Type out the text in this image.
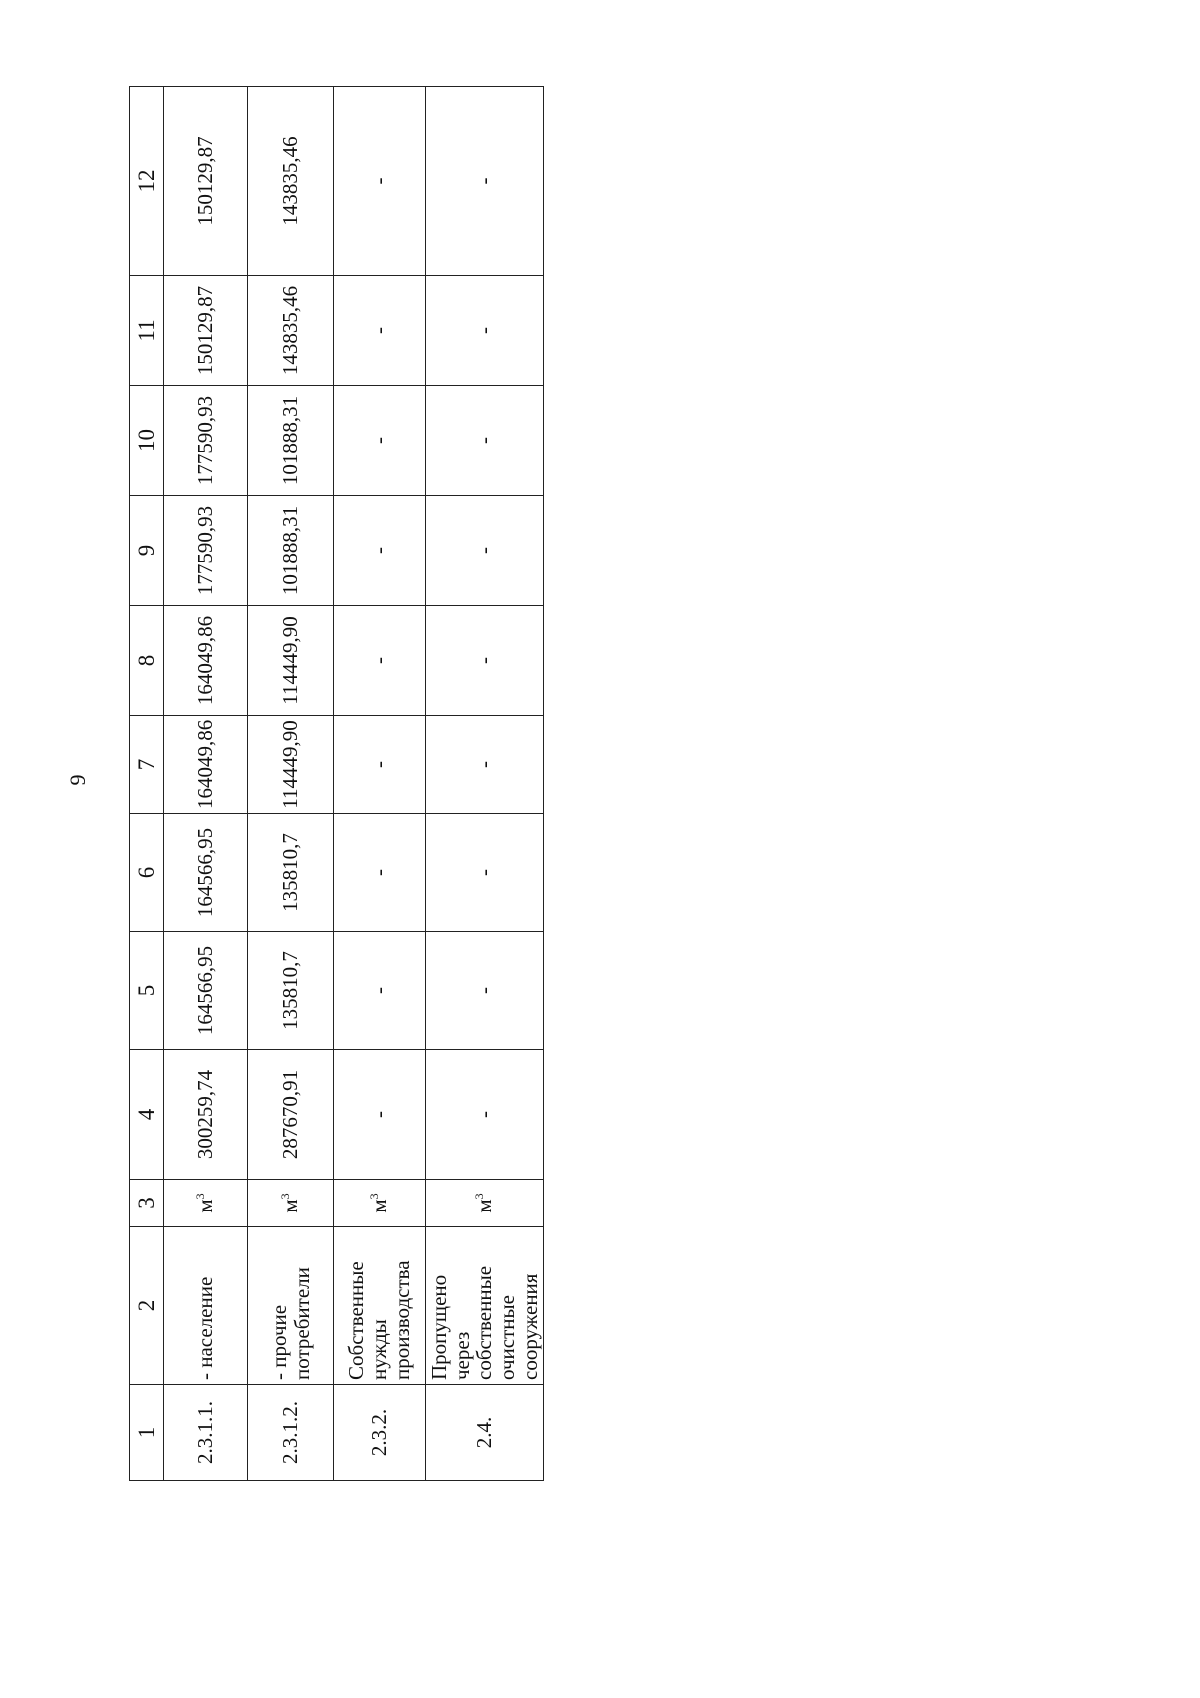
9
1	2	3	4	5	6	7	8	9	10	11	12
2.3.1.1.	- население	$м^3$	300259,74	164566,95	164566,95	164049,86	164049,86	177590,93	177590,93	150129,87	150129,87
2.3.1.2.	- прочие потребители	$м^3$	287670,91	135810,7	135810,7	114449,90	114449,90	101888,31	101888,31	143835,46	143835,46
2.3.2.	Собственные нужды производства	$м^3$	-	-	-	-	-	-	-	-	-
2.4.	Пропущено через собственные очистные сооружения	$м^3$	-	-	-	-	-	-	-	-	-
